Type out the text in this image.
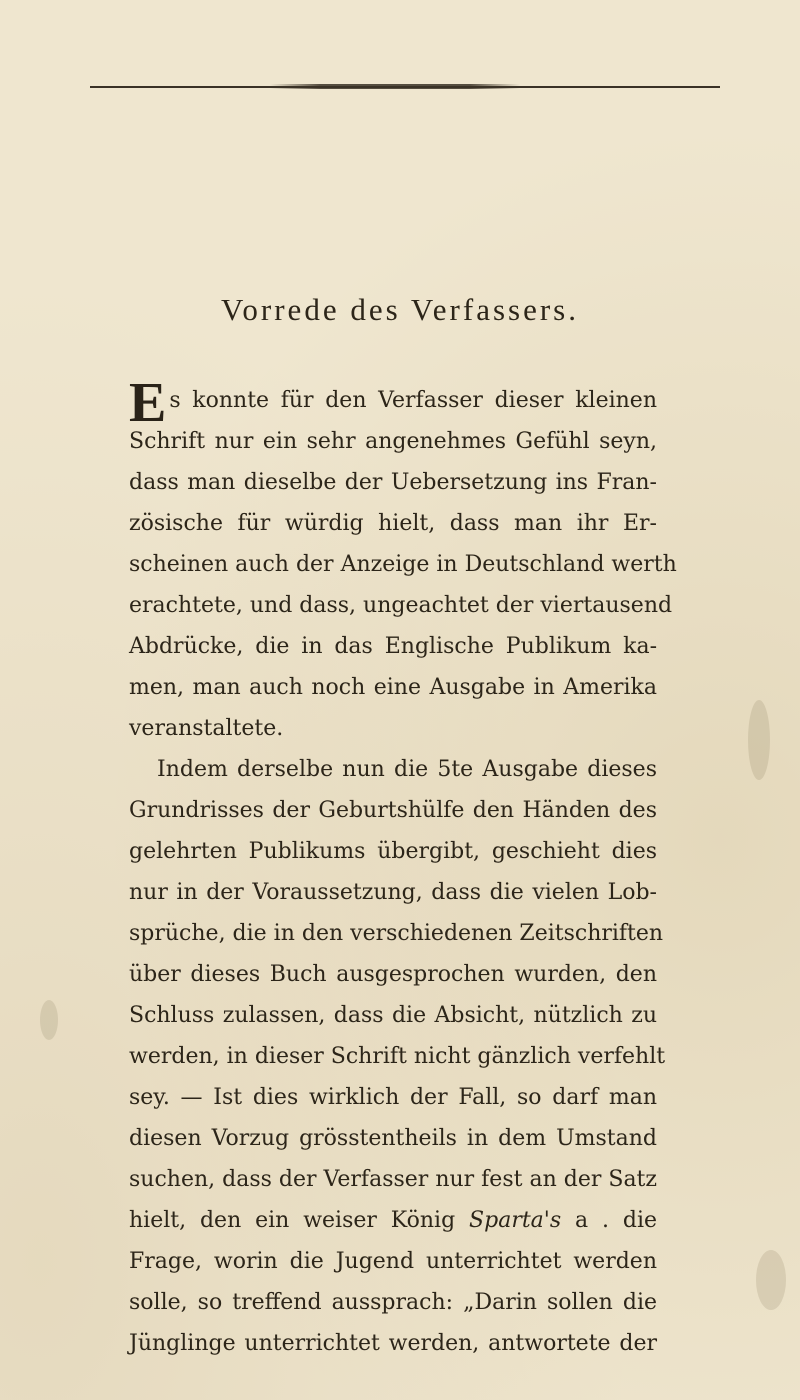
Vorrede des Verfassers.
Es konnte für den Verfasser dieser kleinen
Schrift nur ein sehr angenehmes Gefühl seyn,
dass man dieselbe der Uebersetzung ins Fran-
zösische für würdig hielt, dass man ihr Er-
scheinen auch der Anzeige in Deutschland werth
erachtete, und dass, ungeachtet der viertausend
Abdrücke, die in das Englische Publikum ka-
men, man auch noch eine Ausgabe in Amerika
veranstaltete.
Indem derselbe nun die 5te Ausgabe dieses
Grundrisses der Geburtshülfe den Händen des
gelehrten Publikums übergibt, geschieht dies
nur in der Voraussetzung, dass die vielen Lob-
sprüche, die in den verschiedenen Zeitschriften
über dieses Buch ausgesprochen wurden, den
Schluss zulassen, dass die Absicht, nützlich zu
werden, in dieser Schrift nicht gänzlich verfehlt
sey. — Ist dies wirklich der Fall, so darf man
diesen Vorzug grösstentheils in dem Umstand
suchen, dass der Verfasser nur fest an der Satz
hielt, den ein weiser König Sparta's a . die
Frage, worin die Jugend unterrichtet werden
solle, so treffend aussprach: „Darin sollen die
Jünglinge unterrichtet werden, antwortete der
